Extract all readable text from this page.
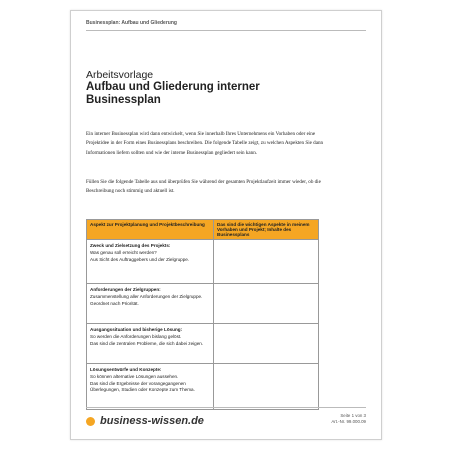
Businessplan: Aufbau und Gliederung
Arbeitsvorlage
Aufbau und Gliederung interner
Businessplan
Ein interner Businessplan wird dann entwickelt, wenn Sie innerhalb Ihres Unternehmens ein Vorhaben oder eine Projektidee in der Form eines Businessplans beschreiben. Die folgende Tabelle zeigt, zu welchen Aspekten Sie dann Informationen liefern sollten und wie der interne Businessplan gegliedert sein kann.
Füllen Sie die folgende Tabelle aus und überprüfen Sie während der gesamten Projektlaufzeit immer wieder, ob die Beschreibung noch stimmig und aktuell ist.
Aspekt zur Projektplanung und Projektbeschreibung	Das sind die wichtigen Aspekte in meinem Vorhaben und Projekt; Inhalte des Businessplans

Zweck und Zielsetzung des Projekts:
Was genau soll erreicht werden?
Aus Sicht des Auftraggebers und der Zielgruppe.	

Anforderungen der Zielgruppen:
Zusammenstellung aller Anforderungen der Zielgruppe.
Geordnet nach Priorität.	

Ausgangssituation und bisherige Lösung:
So werden die Anforderungen bislang gelöst.
Das sind die zentralen Probleme, die sich dabei zeigen.	

Lösungsentwürfe und Konzepte:
So können alternative Lösungen aussehen.
Das sind die Ergebnisse der vorangegangenen Überlegungen, Studien oder Konzepte zum Thema.	

business-wissen.de	Seite 1 von 3
Art.-Nr. 99.000.09
